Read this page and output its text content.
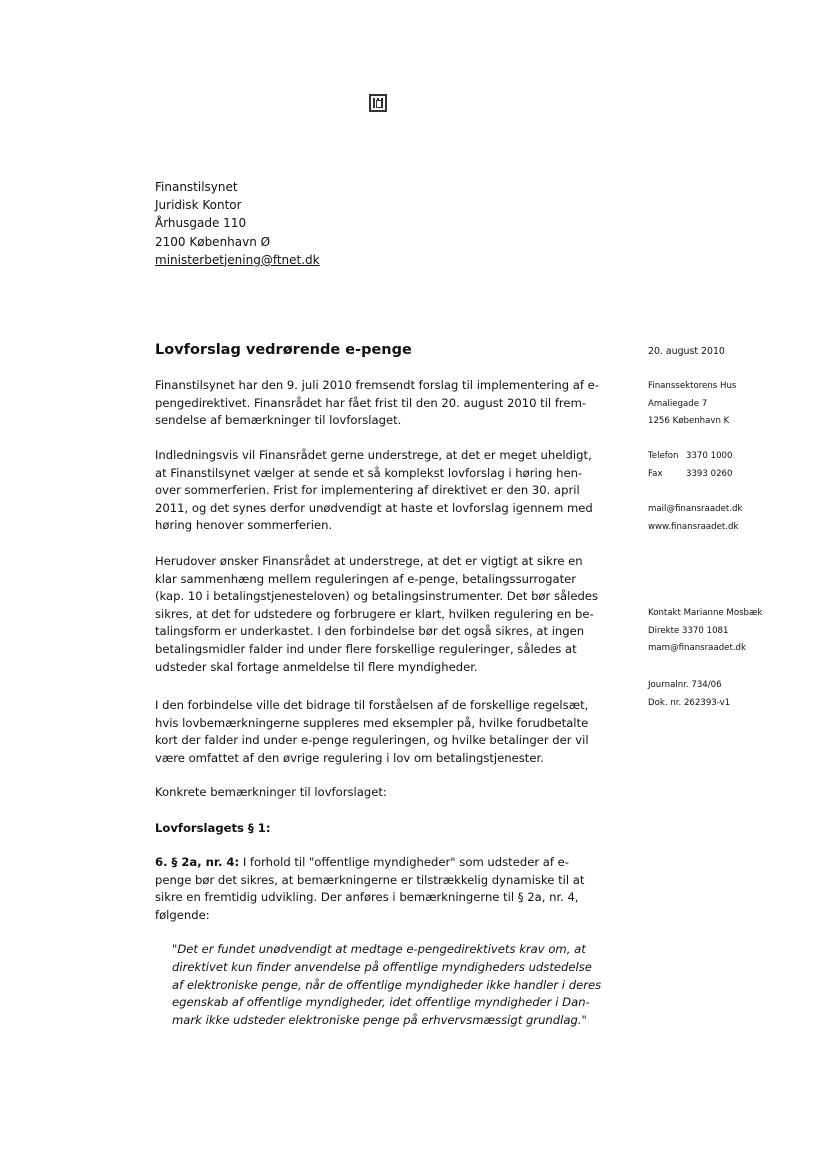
Finanstilsynet
Juridisk Kontor
Århusgade 110
2100 København Ø
ministerbetjening@ftnet.dk
Lovforslag vedrørende e-penge	20. august 2010
Finanssektorens Hus
Amaliegade 7
1256 København K
Telefon 3370 1000
Fax	3393 0260
mail@finansraadet.dk
www.finansraadet.dk
Kontakt Marianne Mosbæk
Direkte 3370 1081
mam@finansraadet.dk
Journalnr. 734/06
Dok. nr. 262393-v1

Finanstilsynet har den 9. juli 2010 fremsendt forslag til implementering af e-
pengedirektivet. Finansrådet har fået frist til den 20. august 2010 til frem-
sendelse af bemærkninger til lovforslaget.

Indledningsvis vil Finansrådet gerne understrege, at det er meget uheldigt,
at Finanstilsynet vælger at sende et så komplekst lovforslag i høring hen-
over sommerferien. Frist for implementering af direktivet er den 30. april
2011, og det synes derfor unødvendigt at haste et lovforslag igennem med
høring henover sommerferien.

Herudover ønsker Finansrådet at understrege, at det er vigtigt at sikre en
klar sammenhæng mellem reguleringen af e-penge, betalingssurrogater
(kap. 10 i betalingstjenesteloven) og betalingsinstrumenter. Det bør således
sikres, at det for udstedere og forbrugere er klart, hvilken regulering en be-
talingsform er underkastet. I den forbindelse bør det også sikres, at ingen
betalingsmidler falder ind under flere forskellige reguleringer, således at
udsteder skal fortage anmeldelse til flere myndigheder.

I den forbindelse ville det bidrage til forståelsen af de forskellige regelsæt,
hvis lovbemærkningerne suppleres med eksempler på, hvilke forudbetalte
kort der falder ind under e-penge reguleringen, og hvilke betalinger der vil
være omfattet af den øvrige regulering i lov om betalingstjenester.

Konkrete bemærkninger til lovforslaget:

Lovforslagets § 1:

6. § 2a, nr. 4: I forhold til "offentlige myndigheder" som udsteder af e-
penge bør det sikres, at bemærkningerne er tilstrækkelig dynamiske til at
sikre en fremtidig udvikling. Der anføres i bemærkningerne til § 2a, nr. 4,
følgende:

"Det er fundet unødvendigt at medtage e-pengedirektivets krav om, at
direktivet kun finder anvendelse på offentlige myndigheders udstedelse
af elektroniske penge, når de offentlige myndigheder ikke handler i deres
egenskab af offentlige myndigheder, idet offentlige myndigheder i Dan-
mark ikke udsteder elektroniske penge på erhvervsmæssigt grundlag."
